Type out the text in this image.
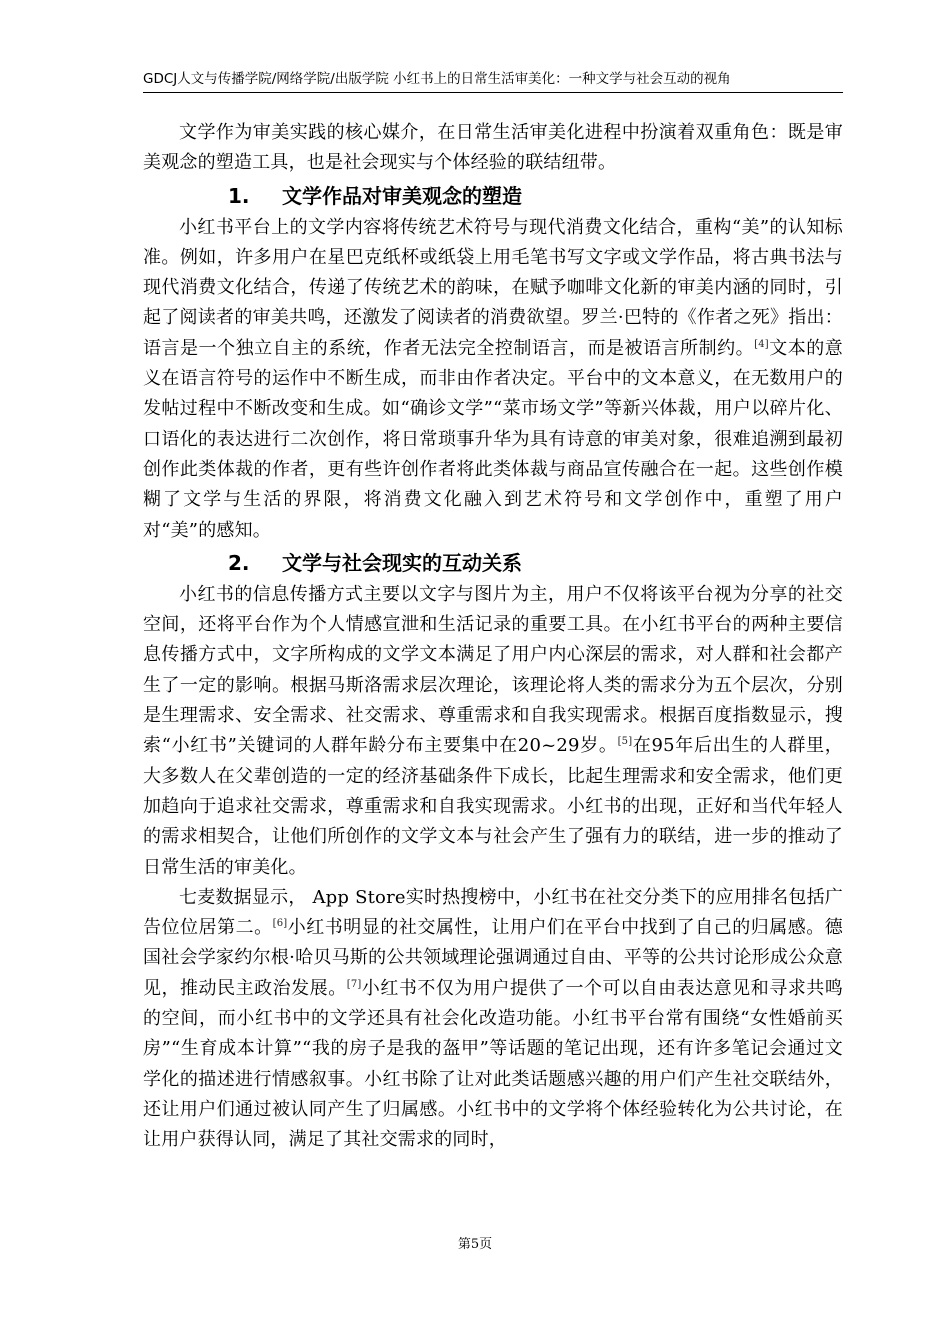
GDCJ人文与传播学院/网络学院/出版学院 小红书上的日常生活审美化：一种文学与社会互动的视角

文学作为审美实践的核心媒介，在日常生活审美化进程中扮演着双重角色：既是审美观念的塑造工具，也是社会现实与个体经验的联结纽带。

1. 文学作品对审美观念的塑造

小红书平台上的文学内容将传统艺术符号与现代消费文化结合，重构“美”的认知标准。例如，许多用户在星巴克纸杯或纸袋上用毛笔书写文字或文学作品，将古典书法与现代消费文化结合，传递了传统艺术的韵味，在赋予咖啡文化新的审美内涵的同时，引起了阅读者的审美共鸣，还激发了阅读者的消费欲望。罗兰·巴特的《作者之死》指出：语言是一个独立自主的系统，作者无法完全控制语言，而是被语言所制约。[4]文本的意义在语言符号的运作中不断生成，而非由作者决定。平台中的文本意义，在无数用户的发帖过程中不断改变和生成。如“确诊文学”“菜市场文学”等新兴体裁，用户以碎片化、口语化的表达进行二次创作，将日常琐事升华为具有诗意的审美对象，很难追溯到最初创作此类体裁的作者，更有些许创作者将此类体裁与商品宣传融合在一起。这些创作模糊了文学与生活的界限，将消费文化融入到艺术符号和文学创作中，重塑了用户对“美”的感知。

2. 文学与社会现实的互动关系

小红书的信息传播方式主要以文字与图片为主，用户不仅将该平台视为分享的社交空间，还将平台作为个人情感宣泄和生活记录的重要工具。在小红书平台的两种主要信息传播方式中，文字所构成的文学文本满足了用户内心深层的需求，对人群和社会都产生了一定的影响。根据马斯洛需求层次理论，该理论将人类的需求分为五个层次，分别是生理需求、安全需求、社交需求、尊重需求和自我实现需求。根据百度指数显示，搜索“小红书”关键词的人群年龄分布主要集中在20~29岁。[5]在95年后出生的人群里，大多数人在父辈创造的一定的经济基础条件下成长，比起生理需求和安全需求，他们更加趋向于追求社交需求，尊重需求和自我实现需求。小红书的出现，正好和当代年轻人的需求相契合，让他们所创作的文学文本与社会产生了强有力的联结，进一步的推动了日常生活的审美化。

七麦数据显示， App Store实时热搜榜中，小红书在社交分类下的应用排名包括广告位位居第二。[6]小红书明显的社交属性，让用户们在平台中找到了自己的归属感。德国社会学家约尔根·哈贝马斯的公共领域理论强调通过自由、平等的公共讨论形成公众意见，推动民主政治发展。[7]小红书不仅为用户提供了一个可以自由表达意见和寻求共鸣的空间，而小红书中的文学还具有社会化改造功能。小红书平台常有围绕“女性婚前买房”“生育成本计算”“我的房子是我的盔甲”等话题的笔记出现，还有许多笔记会通过文学化的描述进行情感叙事。小红书除了让对此类话题感兴趣的用户们产生社交联结外，还让用户们通过被认同产生了归属感。小红书中的文学将个体经验转化为公共讨论，在让用户获得认同，满足了其社交需求的同时，

第5页
